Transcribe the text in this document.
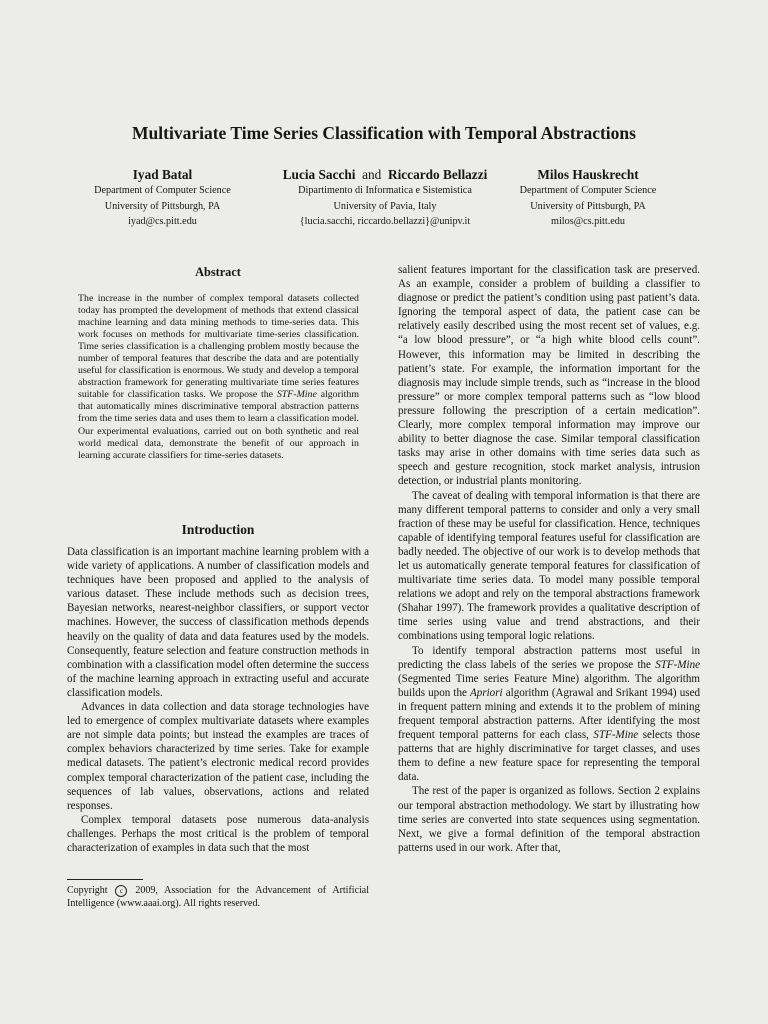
Multivariate Time Series Classification with Temporal Abstractions
Iyad Batal
Department of Computer Science
University of Pittsburgh, PA
iyad@cs.pitt.edu
Lucia Sacchi and Riccardo Bellazzi
Dipartimento di Informatica e Sistemistica
University of Pavia, Italy
{lucia.sacchi, riccardo.bellazzi}@unipv.it
Milos Hauskrecht
Department of Computer Science
University of Pittsburgh, PA
milos@cs.pitt.edu
Abstract
The increase in the number of complex temporal datasets collected today has prompted the development of methods that extend classical machine learning and data mining methods to time-series data. This work focuses on methods for multivariate time-series classification. Time series classification is a challenging problem mostly because the number of temporal features that describe the data and are potentially useful for classification is enormous. We study and develop a temporal abstraction framework for generating multivariate time series features suitable for classification tasks. We propose the STF-Mine algorithm that automatically mines discriminative temporal abstraction patterns from the time series data and uses them to learn a classification model. Our experimental evaluations, carried out on both synthetic and real world medical data, demonstrate the benefit of our approach in learning accurate classifiers for time-series datasets.
Introduction

Data classification is an important machine learning problem with a wide variety of applications. A number of classification models and techniques have been proposed and applied to the analysis of various dataset. These include methods such as decision trees, Bayesian networks, nearest-neighbor classifiers, or support vector machines. However, the success of classification methods depends heavily on the quality of data and data features used by the models. Consequently, feature selection and feature construction methods in combination with a classification model often determine the success of the machine learning approach in extracting useful and accurate classification models.

Advances in data collection and data storage technologies have led to emergence of complex multivariate datasets where examples are not simple data points; but instead the examples are traces of complex behaviors characterized by time series. Take for example medical datasets. The patient’s electronic medical record provides complex temporal characterization of the patient case, including the sequences of lab values, observations, actions and related responses.

Complex temporal datasets pose numerous data-analysis challenges. Perhaps the most critical is the problem of temporal characterization of examples in data such that the most

Copyright c 2009, Association for the Advancement of Artificial Intelligence (www.aaai.org). All rights reserved.

salient features important for the classification task are preserved. As an example, consider a problem of building a classifier to diagnose or predict the patient’s condition using past patient’s data. Ignoring the temporal aspect of data, the patient case can be relatively easily described using the most recent set of values, e.g. “a low blood pressure”, or “a high white blood cells count”. However, this information may be limited in describing the patient’s state. For example, the information important for the diagnosis may include simple trends, such as “increase in the blood pressure” or more complex temporal patterns such as “low blood pressure following the prescription of a certain medication”. Clearly, more complex temporal information may improve our ability to better diagnose the case. Similar temporal classification tasks may arise in other domains with time series data such as speech and gesture recognition, stock market analysis, intrusion detection, or industrial plants monitoring.

The caveat of dealing with temporal information is that there are many different temporal patterns to consider and only a very small fraction of these may be useful for classification. Hence, techniques capable of identifying temporal features useful for classification are badly needed. The objective of our work is to develop methods that let us automatically generate temporal features for classification of multivariate time series data. To model many possible temporal relations we adopt and rely on the temporal abstractions framework (Shahar 1997). The framework provides a qualitative description of time series using value and trend abstractions, and their combinations using temporal logic relations.

To identify temporal abstraction patterns most useful in predicting the class labels of the series we propose the STF-Mine (Segmented Time series Feature Mine) algorithm. The algorithm builds upon the Apriori algorithm (Agrawal and Srikant 1994) used in frequent pattern mining and extends it to the problem of mining frequent temporal abstraction patterns. After identifying the most frequent temporal patterns for each class, STF-Mine selects those patterns that are highly discriminative for target classes, and uses them to define a new feature space for representing the temporal data.

The rest of the paper is organized as follows. Section 2 explains our temporal abstraction methodology. We start by illustrating how time series are converted into state sequences using segmentation. Next, we give a formal definition of the temporal abstraction patterns used in our work. After that,
